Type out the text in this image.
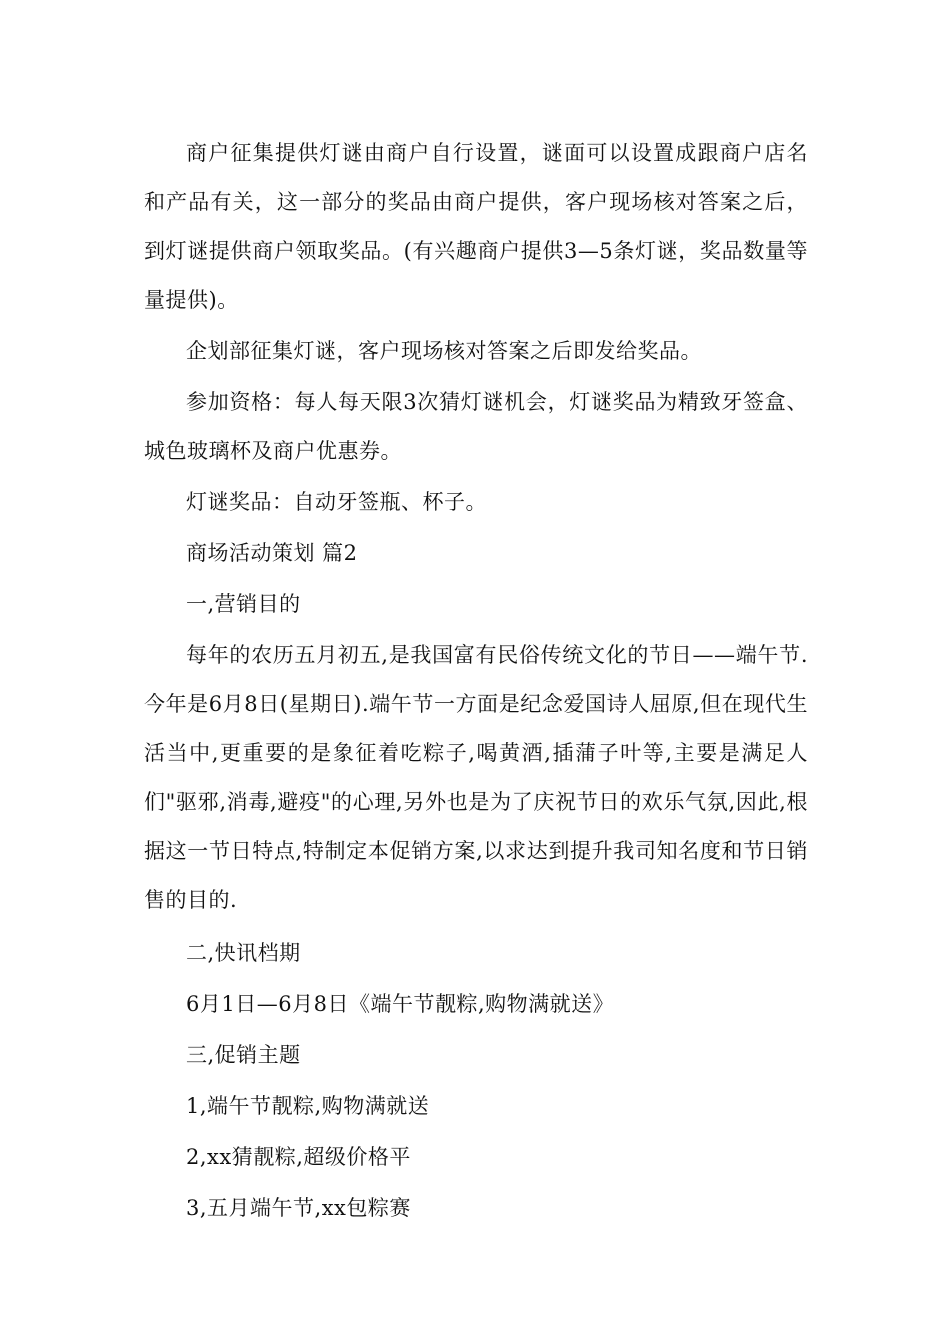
商户征集提供灯谜由商户自行设置，谜面可以设置成跟商户店名和产品有关，这一部分的奖品由商户提供，客户现场核对答案之后，到灯谜提供商户领取奖品。(有兴趣商户提供3—5条灯谜，奖品数量等量提供)。

企划部征集灯谜，客户现场核对答案之后即发给奖品。

参加资格：每人每天限3次猜灯谜机会，灯谜奖品为精致牙签盒、城色玻璃杯及商户优惠券。

灯谜奖品：自动牙签瓶、杯子。

商场活动策划 篇2

一,营销目的

每年的农历五月初五,是我国富有民俗传统文化的节日——端午节.今年是6月8日(星期日).端午节一方面是纪念爱国诗人屈原,但在现代生活当中,更重要的是象征着吃粽子,喝黄酒,插蒲子叶等,主要是满足人们"驱邪,消毒,避疫"的心理,另外也是为了庆祝节日的欢乐气氛,因此,根据这一节日特点,特制定本促销方案,以求达到提升我司知名度和节日销售的目的.

二,快讯档期

6月1日—6月8日《端午节靓粽,购物满就送》

三,促销主题

1,端午节靓粽,购物满就送

2,xx猜靓粽,超级价格平

3,五月端午节,xx包粽赛
